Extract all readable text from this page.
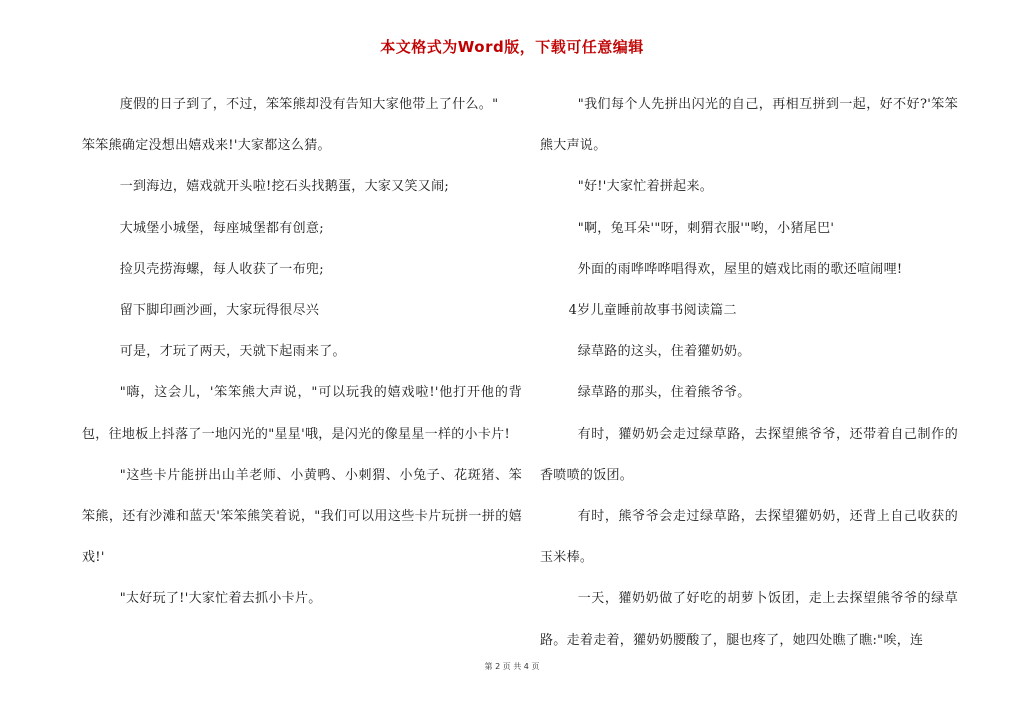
本文格式为Word版，下载可任意编辑

度假的日子到了，不过，笨笨熊却没有告知大家他带上了什么。"

笨笨熊确定没想出嬉戏来!'大家都这么猜。

一到海边，嬉戏就开头啦!挖石头找鹅蛋，大家又笑又闹;

大城堡小城堡，每座城堡都有创意;

捡贝壳捞海螺，每人收获了一布兜;

留下脚印画沙画，大家玩得很尽兴

可是，才玩了两天，天就下起雨来了。

"嗨，这会儿，'笨笨熊大声说，"可以玩我的嬉戏啦!'他打开他的背包，往地板上抖落了一地闪光的"星星'哦，是闪光的像星星一样的小卡片!

"这些卡片能拼出山羊老师、小黄鸭、小刺猬、小兔子、花斑猪、笨笨熊，还有沙滩和蓝天'笨笨熊笑着说，"我们可以用这些卡片玩拼一拼的嬉戏!'

"太好玩了!'大家忙着去抓小卡片。

"我们每个人先拼出闪光的自己，再相互拼到一起，好不好?'笨笨熊大声说。

"好!'大家忙着拼起来。

"啊，兔耳朵'"呀，刺猬衣服'"哟，小猪尾巴'

外面的雨哗哗哗唱得欢，屋里的嬉戏比雨的歌还喧闹哩!

4岁儿童睡前故事书阅读篇二

绿草路的这头，住着獾奶奶。

绿草路的那头，住着熊爷爷。

有时，獾奶奶会走过绿草路，去探望熊爷爷，还带着自己制作的香喷喷的饭团。

有时，熊爷爷会走过绿草路，去探望獾奶奶，还背上自己收获的玉米棒。

一天，獾奶奶做了好吃的胡萝卜饭团，走上去探望熊爷爷的绿草路。走着走着，獾奶奶腰酸了，腿也疼了，她四处瞧了瞧:"唉，连

第 2 页 共 4 页
